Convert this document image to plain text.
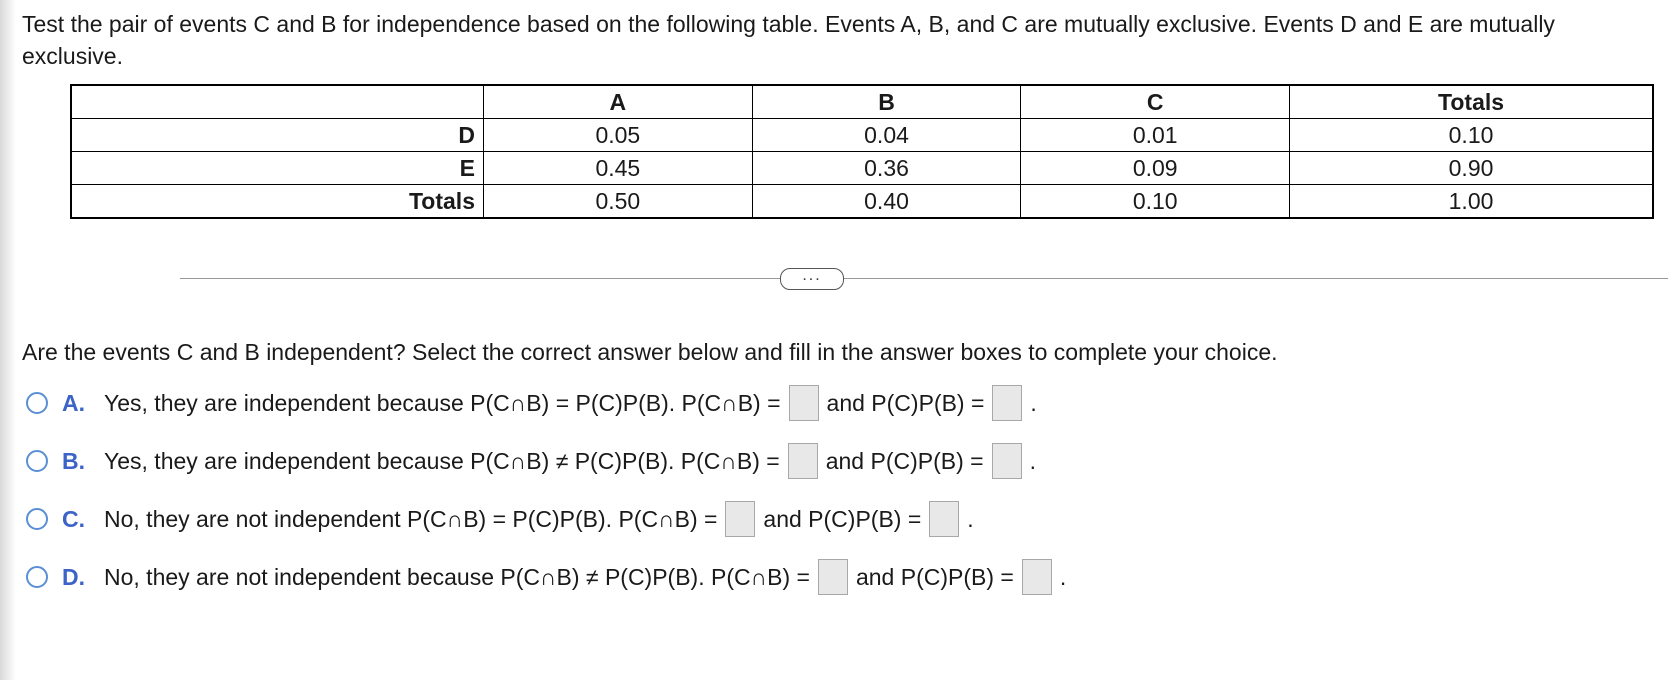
Test the pair of events C and B for independence based on the following table. Events A, B, and C are mutually exclusive. Events D and E are mutually exclusive.

	A	B	C	Totals
D	0.05	0.04	0.01	0.10
E	0.45	0.36	0.09	0.90
Totals	0.50	0.40	0.10	1.00
...

Are the events C and B independent? Select the correct answer below and fill in the answer boxes to complete your choice.

A. Yes, they are independent because P(C∩B) = P(C)P(B). P(C∩B) = and P(C)P(B) = .
B. Yes, they are independent because P(C∩B) ≠ P(C)P(B). P(C∩B) = and P(C)P(B) = .
C. No, they are not independent P(C∩B) = P(C)P(B). P(C∩B) = and P(C)P(B) = .
D. No, they are not independent because P(C∩B) ≠ P(C)P(B). P(C∩B) = and P(C)P(B) = .
